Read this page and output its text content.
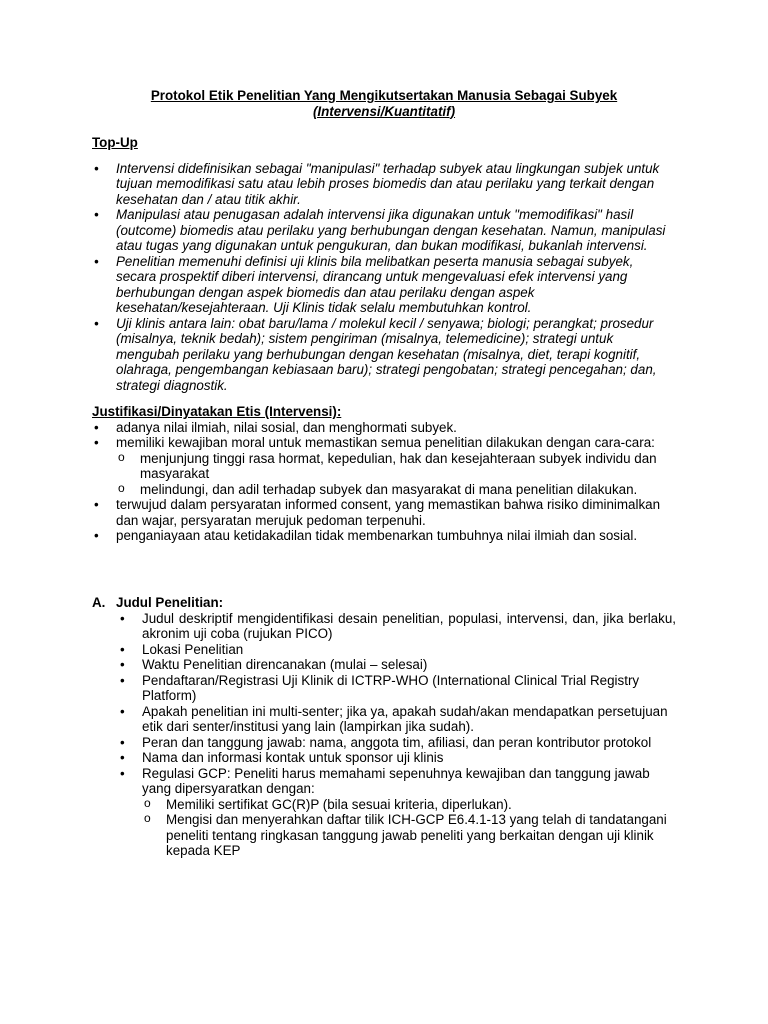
Protokol Etik Penelitian Yang Mengikutsertakan Manusia Sebagai Subyek
(Intervensi/Kuantitatif)
Top-Up
• Intervensi didefinisikan sebagai "manipulasi" terhadap subyek atau lingkungan subjek untuk tujuan memodifikasi satu atau lebih proses biomedis dan atau perilaku yang terkait dengan kesehatan dan / atau titik akhir.
• Manipulasi atau penugasan adalah intervensi jika digunakan untuk "memodifikasi" hasil (outcome) biomedis atau perilaku yang berhubungan dengan kesehatan. Namun, manipulasi atau tugas yang digunakan untuk pengukuran, dan bukan modifikasi, bukanlah intervensi.
• Penelitian memenuhi definisi uji klinis bila melibatkan peserta manusia sebagai subyek, secara prospektif diberi intervensi, dirancang untuk mengevaluasi efek intervensi yang berhubungan dengan aspek biomedis dan atau perilaku dengan aspek kesehatan/kesejahteraan. Uji Klinis tidak selalu membutuhkan kontrol.
• Uji klinis antara lain: obat baru/lama / molekul kecil / senyawa; biologi; perangkat; prosedur (misalnya, teknik bedah); sistem pengiriman (misalnya, telemedicine); strategi untuk mengubah perilaku yang berhubungan dengan kesehatan (misalnya, diet, terapi kognitif, olahraga, pengembangan kebiasaan baru); strategi pengobatan; strategi pencegahan; dan, strategi diagnostik.
Justifikasi/Dinyatakan Etis (Intervensi):
• adanya nilai ilmiah, nilai sosial, dan menghormati subyek.
• memiliki kewajiban moral untuk memastikan semua penelitian dilakukan dengan cara-cara:
o menjunjung tinggi rasa hormat, kepedulian, hak dan kesejahteraan subyek individu dan masyarakat
o melindungi, dan adil terhadap subyek dan masyarakat di mana penelitian dilakukan.
• terwujud dalam persyaratan informed consent, yang memastikan bahwa risiko diminimalkan dan wajar, persyaratan merujuk pedoman terpenuhi.
• penganiayaan atau ketidakadilan tidak membenarkan tumbuhnya nilai ilmiah dan sosial.
A. Judul Penelitian:
• Judul deskriptif mengidentifikasi desain penelitian, populasi, intervensi, dan, jika berlaku, akronim uji coba (rujukan PICO)
• Lokasi Penelitian
• Waktu Penelitian direncanakan (mulai – selesai)
• Pendaftaran/Registrasi Uji Klinik di ICTRP-WHO (International Clinical Trial Registry Platform)
• Apakah penelitian ini multi-senter; jika ya, apakah sudah/akan mendapatkan persetujuan etik dari senter/institusi yang lain (lampirkan jika sudah).
• Peran dan tanggung jawab: nama, anggota tim, afiliasi, dan peran kontributor protokol
• Nama dan informasi kontak untuk sponsor uji klinis
• Regulasi GCP: Peneliti harus memahami sepenuhnya kewajiban dan tanggung jawab yang dipersyaratkan dengan:
o Memiliki sertifikat GC(R)P (bila sesuai kriteria, diperlukan).
o Mengisi dan menyerahkan daftar tilik ICH-GCP E6.4.1-13 yang telah di tandatangani peneliti tentang ringkasan tanggung jawab peneliti yang berkaitan dengan uji klinik kepada KEP
